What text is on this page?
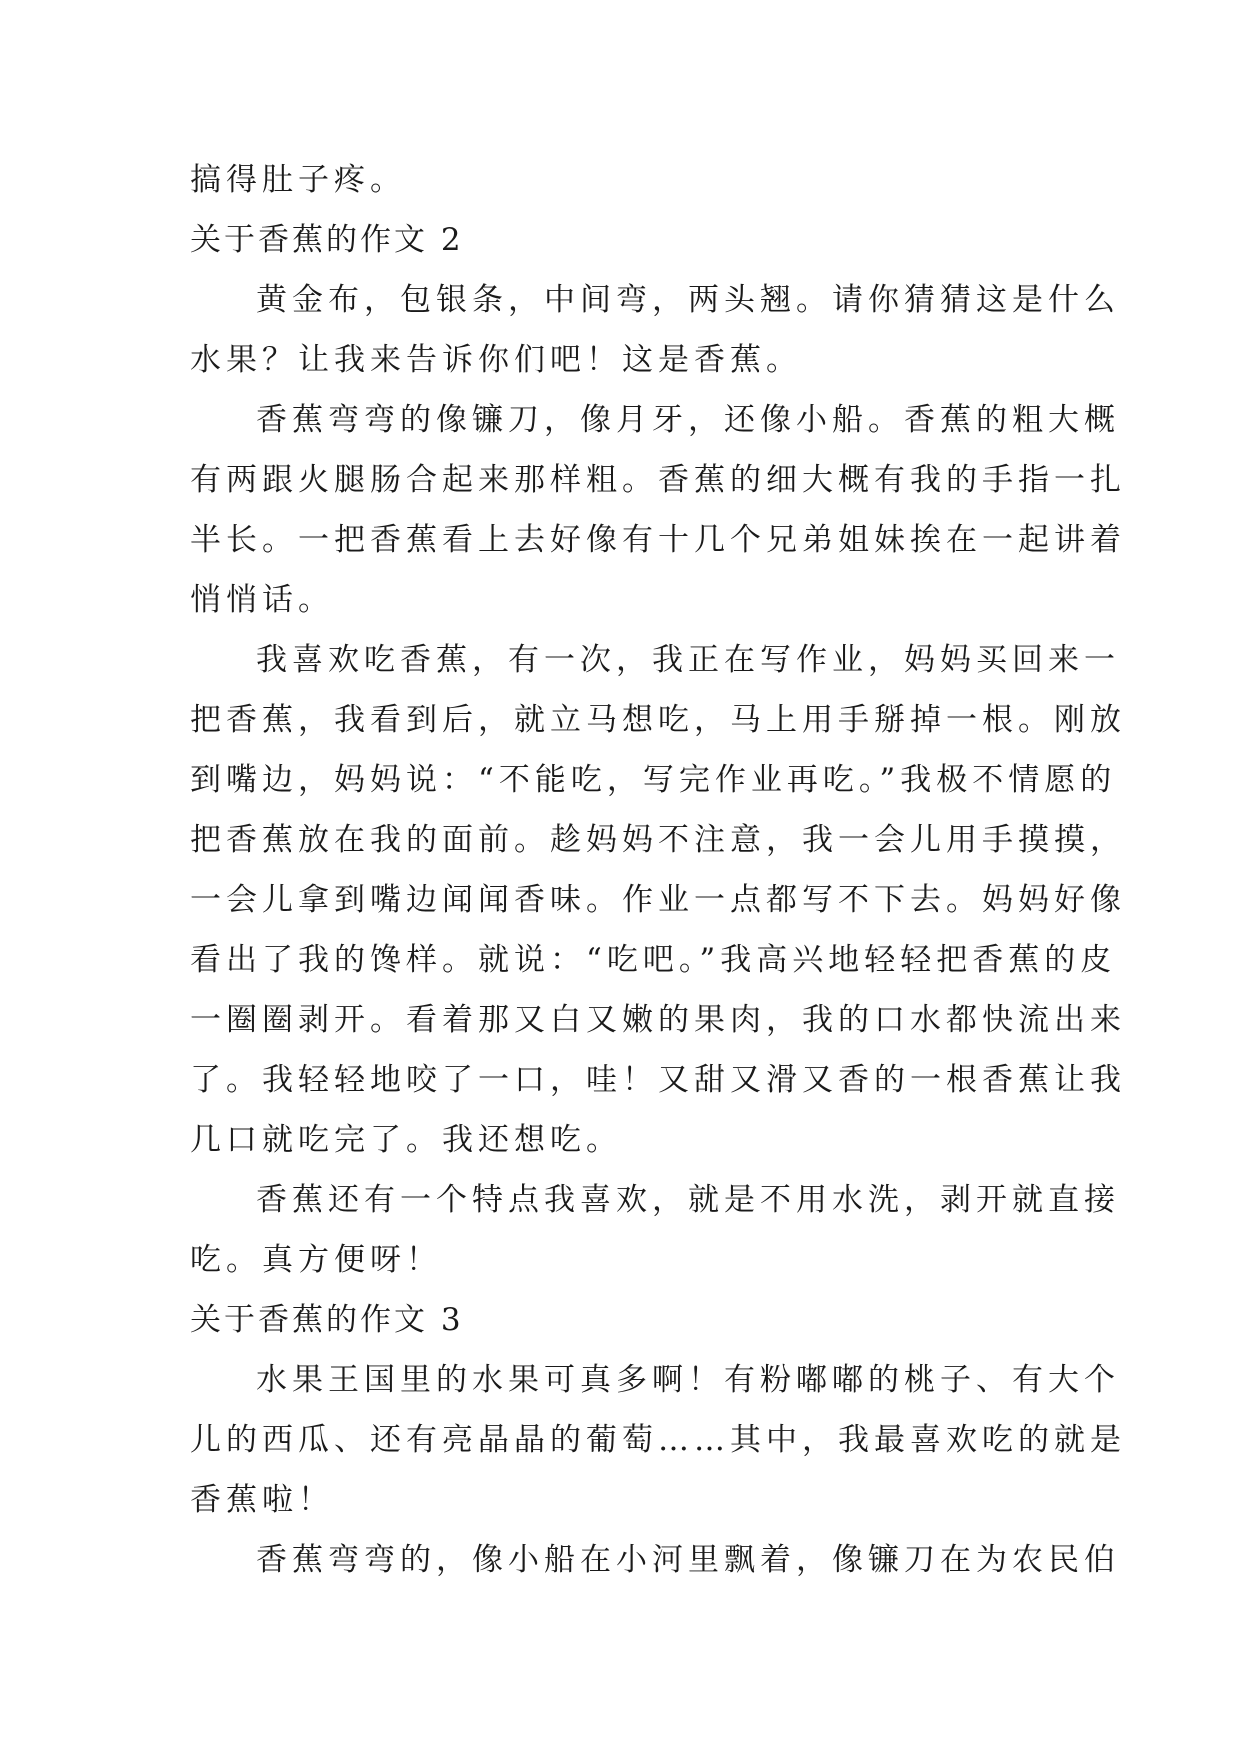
搞得肚子疼。
关于香蕉的作文 2
黄金布，包银条，中间弯，两头翘。请你猜猜这是什么
水果？让我来告诉你们吧！这是香蕉。
香蕉弯弯的像镰刀，像月牙，还像小船。香蕉的粗大概
有两跟火腿肠合起来那样粗。香蕉的细大概有我的手指一扎
半长。一把香蕉看上去好像有十几个兄弟姐妹挨在一起讲着
悄悄话。
我喜欢吃香蕉，有一次，我正在写作业，妈妈买回来一
把香蕉，我看到后，就立马想吃，马上用手掰掉一根。刚放
到嘴边，妈妈说：“不能吃，写完作业再吃。”我极不情愿的
把香蕉放在我的面前。趁妈妈不注意，我一会儿用手摸摸，
一会儿拿到嘴边闻闻香味。作业一点都写不下去。妈妈好像
看出了我的馋样。就说：“吃吧。”我高兴地轻轻把香蕉的皮
一圈圈剥开。看着那又白又嫩的果肉，我的口水都快流出来
了。我轻轻地咬了一口，哇！又甜又滑又香的一根香蕉让我
几口就吃完了。我还想吃。
香蕉还有一个特点我喜欢，就是不用水洗，剥开就直接
吃。真方便呀！
关于香蕉的作文 3
水果王国里的水果可真多啊！有粉嘟嘟的桃子、有大个
儿的西瓜、还有亮晶晶的葡萄……其中，我最喜欢吃的就是
香蕉啦！
香蕉弯弯的，像小船在小河里飘着，像镰刀在为农民伯
